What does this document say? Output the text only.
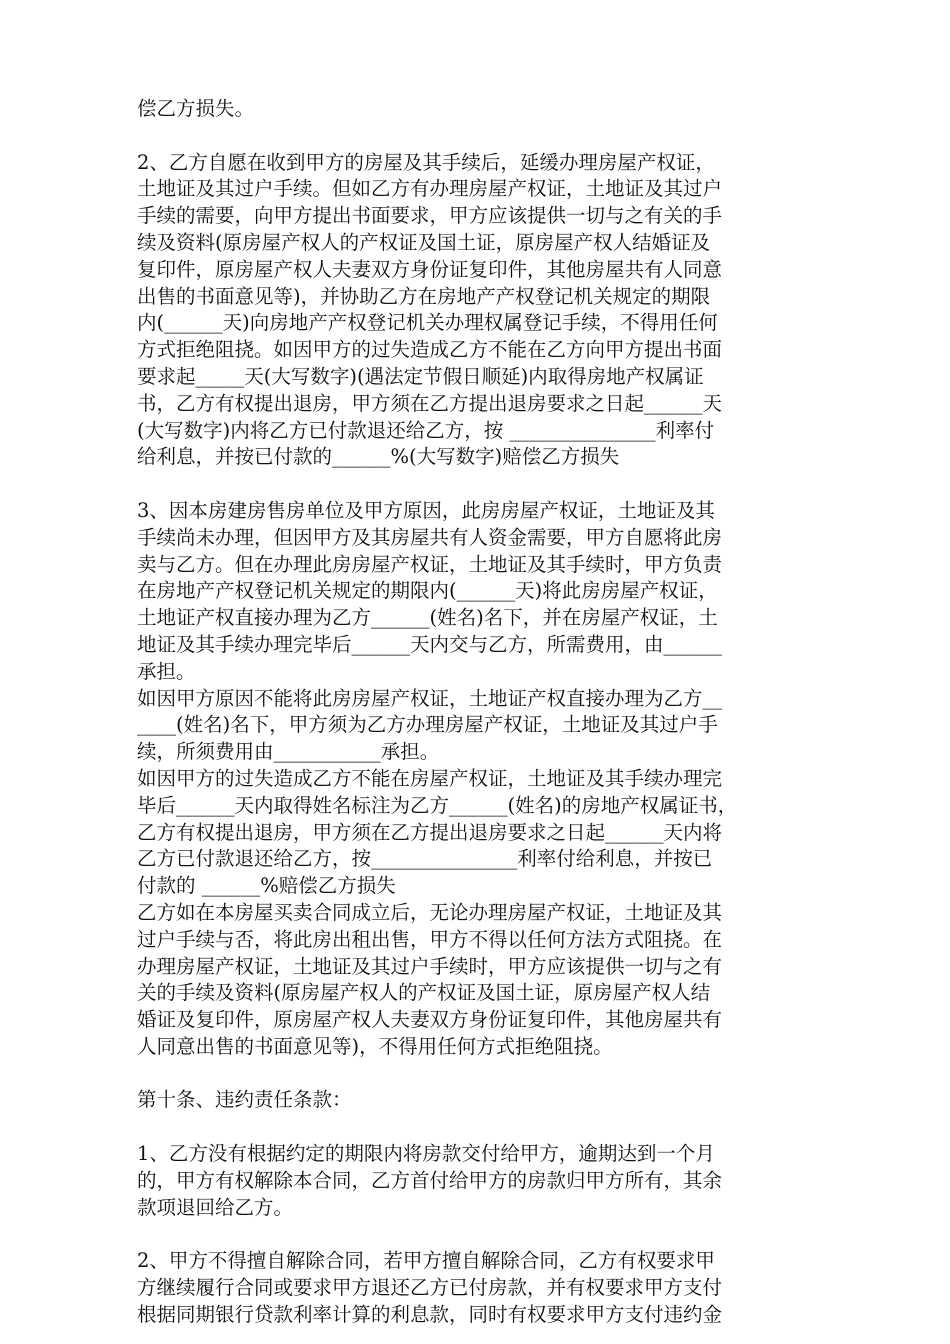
偿乙方损失。
2、乙方自愿在收到甲方的房屋及其手续后，延缓办理房屋产权证，
土地证及其过户手续。但如乙方有办理房屋产权证，土地证及其过户
手续的需要，向甲方提出书面要求，甲方应该提供一切与之有关的手
续及资料(原房屋产权人的产权证及国土证，原房屋产权人结婚证及
复印件，原房屋产权人夫妻双方身份证复印件，其他房屋共有人同意
出售的书面意见等)，并协助乙方在房地产产权登记机关规定的期限
内(______天)向房地产产权登记机关办理权属登记手续，不得用任何
方式拒绝阻挠。如因甲方的过失造成乙方不能在乙方向甲方提出书面
要求起_____天(大写数字)(遇法定节假日顺延)内取得房地产权属证
书，乙方有权提出退房，甲方须在乙方提出退房要求之日起______天
(大写数字)内将乙方已付款退还给乙方，按 _______________利率付
给利息，并按已付款的______%(大写数字)赔偿乙方损失
3、因本房建房售房单位及甲方原因，此房房屋产权证，土地证及其
手续尚未办理，但因甲方及其房屋共有人资金需要，甲方自愿将此房
卖与乙方。但在办理此房房屋产权证，土地证及其手续时，甲方负责
在房地产产权登记机关规定的期限内(______天)将此房房屋产权证，
土地证产权直接办理为乙方______(姓名)名下，并在房屋产权证，土
地证及其手续办理完毕后______天内交与乙方，所需费用，由______
承担。
如因甲方原因不能将此房房屋产权证，土地证产权直接办理为乙方__
____(姓名)名下，甲方须为乙方办理房屋产权证，土地证及其过户手
续，所须费用由___________承担。
如因甲方的过失造成乙方不能在房屋产权证，土地证及其手续办理完
毕后______天内取得姓名标注为乙方______(姓名)的房地产权属证书，
乙方有权提出退房，甲方须在乙方提出退房要求之日起______天内将
乙方已付款退还给乙方，按_______________利率付给利息，并按已
付款的 ______%赔偿乙方损失
乙方如在本房屋买卖合同成立后，无论办理房屋产权证，土地证及其
过户手续与否，将此房出租出售，甲方不得以任何方法方式阻挠。在
办理房屋产权证，土地证及其过户手续时，甲方应该提供一切与之有
关的手续及资料(原房屋产权人的产权证及国土证，原房屋产权人结
婚证及复印件，原房屋产权人夫妻双方身份证复印件，其他房屋共有
人同意出售的书面意见等)，不得用任何方式拒绝阻挠。
第十条、违约责任条款：
1、乙方没有根据约定的期限内将房款交付给甲方，逾期达到一个月
的，甲方有权解除本合同，乙方首付给甲方的房款归甲方所有，其余
款项退回给乙方。
2、甲方不得擅自解除合同，若甲方擅自解除合同，乙方有权要求甲
方继续履行合同或要求甲方退还乙方已付房款，并有权要求甲方支付
根据同期银行贷款利率计算的利息款，同时有权要求甲方支付违约金
